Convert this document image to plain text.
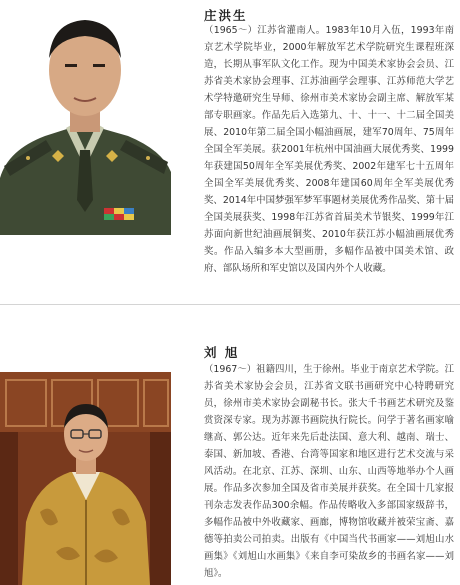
庄洪生

（1965～）江苏省灌南人。1983年10月入伍，1993年南京艺术学院毕业，2000年解放军艺术学院研究生课程班深造，长期从事军队文化工作。现为中国美术家协会会员、江苏省美术家协会理事、江苏油画学会理事、江苏师范大学艺术学特邀研究生导师、徐州市美术家协会副主席、解放军某部专职画家。作品先后入选第九、十、十一、十二届全国美展、2010年第二届全国小幅油画展，建军70周年、75周年全国全军美展。获2001年杭州中国油画大展优秀奖、1999年获建国50周年全军美展优秀奖、2002年建军七十五周年全国全军美展优秀奖、2008年建国60周年全军美展优秀奖、2014年中国梦强军梦军事题材美展优秀作品奖、第十届全国美展获奖、1998年江苏省首届美术节银奖、1999年江苏面向新世纪油画展铜奖、2010年获江苏小幅油画展优秀奖。作品入编多本大型画册，多幅作品被中国美术馆、政府、部队场所和军史馆以及国内外个人收藏。

刘 旭

（1967～）祖籍四川，生于徐州。毕业于南京艺术学院。江苏省美术家协会会员，江苏省文联书画研究中心特聘研究员，徐州市美术家协会副秘书长。张大千书画艺术研究及鉴赏资深专家。现为苏源书画院执行院长。问学于著名画家喻继高、郭公达。近年来先后赴法国、意大利、越南、瑞士、泰国、新加坡、香港、台湾等国家和地区进行艺术交流与采风活动。在北京、江苏、深圳、山东、山西等地举办个人画展。作品多次参加全国及省市美展并获奖。在全国十几家报刊杂志发表作品300余幅。作品传略收入多部国家级辞书，多幅作品被中外收藏家、画廊，博物馆收藏并被荣宝斋、嘉德等拍卖公司拍卖。出版有《中国当代书画家——刘旭山水画集》《刘旭山水画集》《来自李可染故乡的书画名家——刘旭》。
